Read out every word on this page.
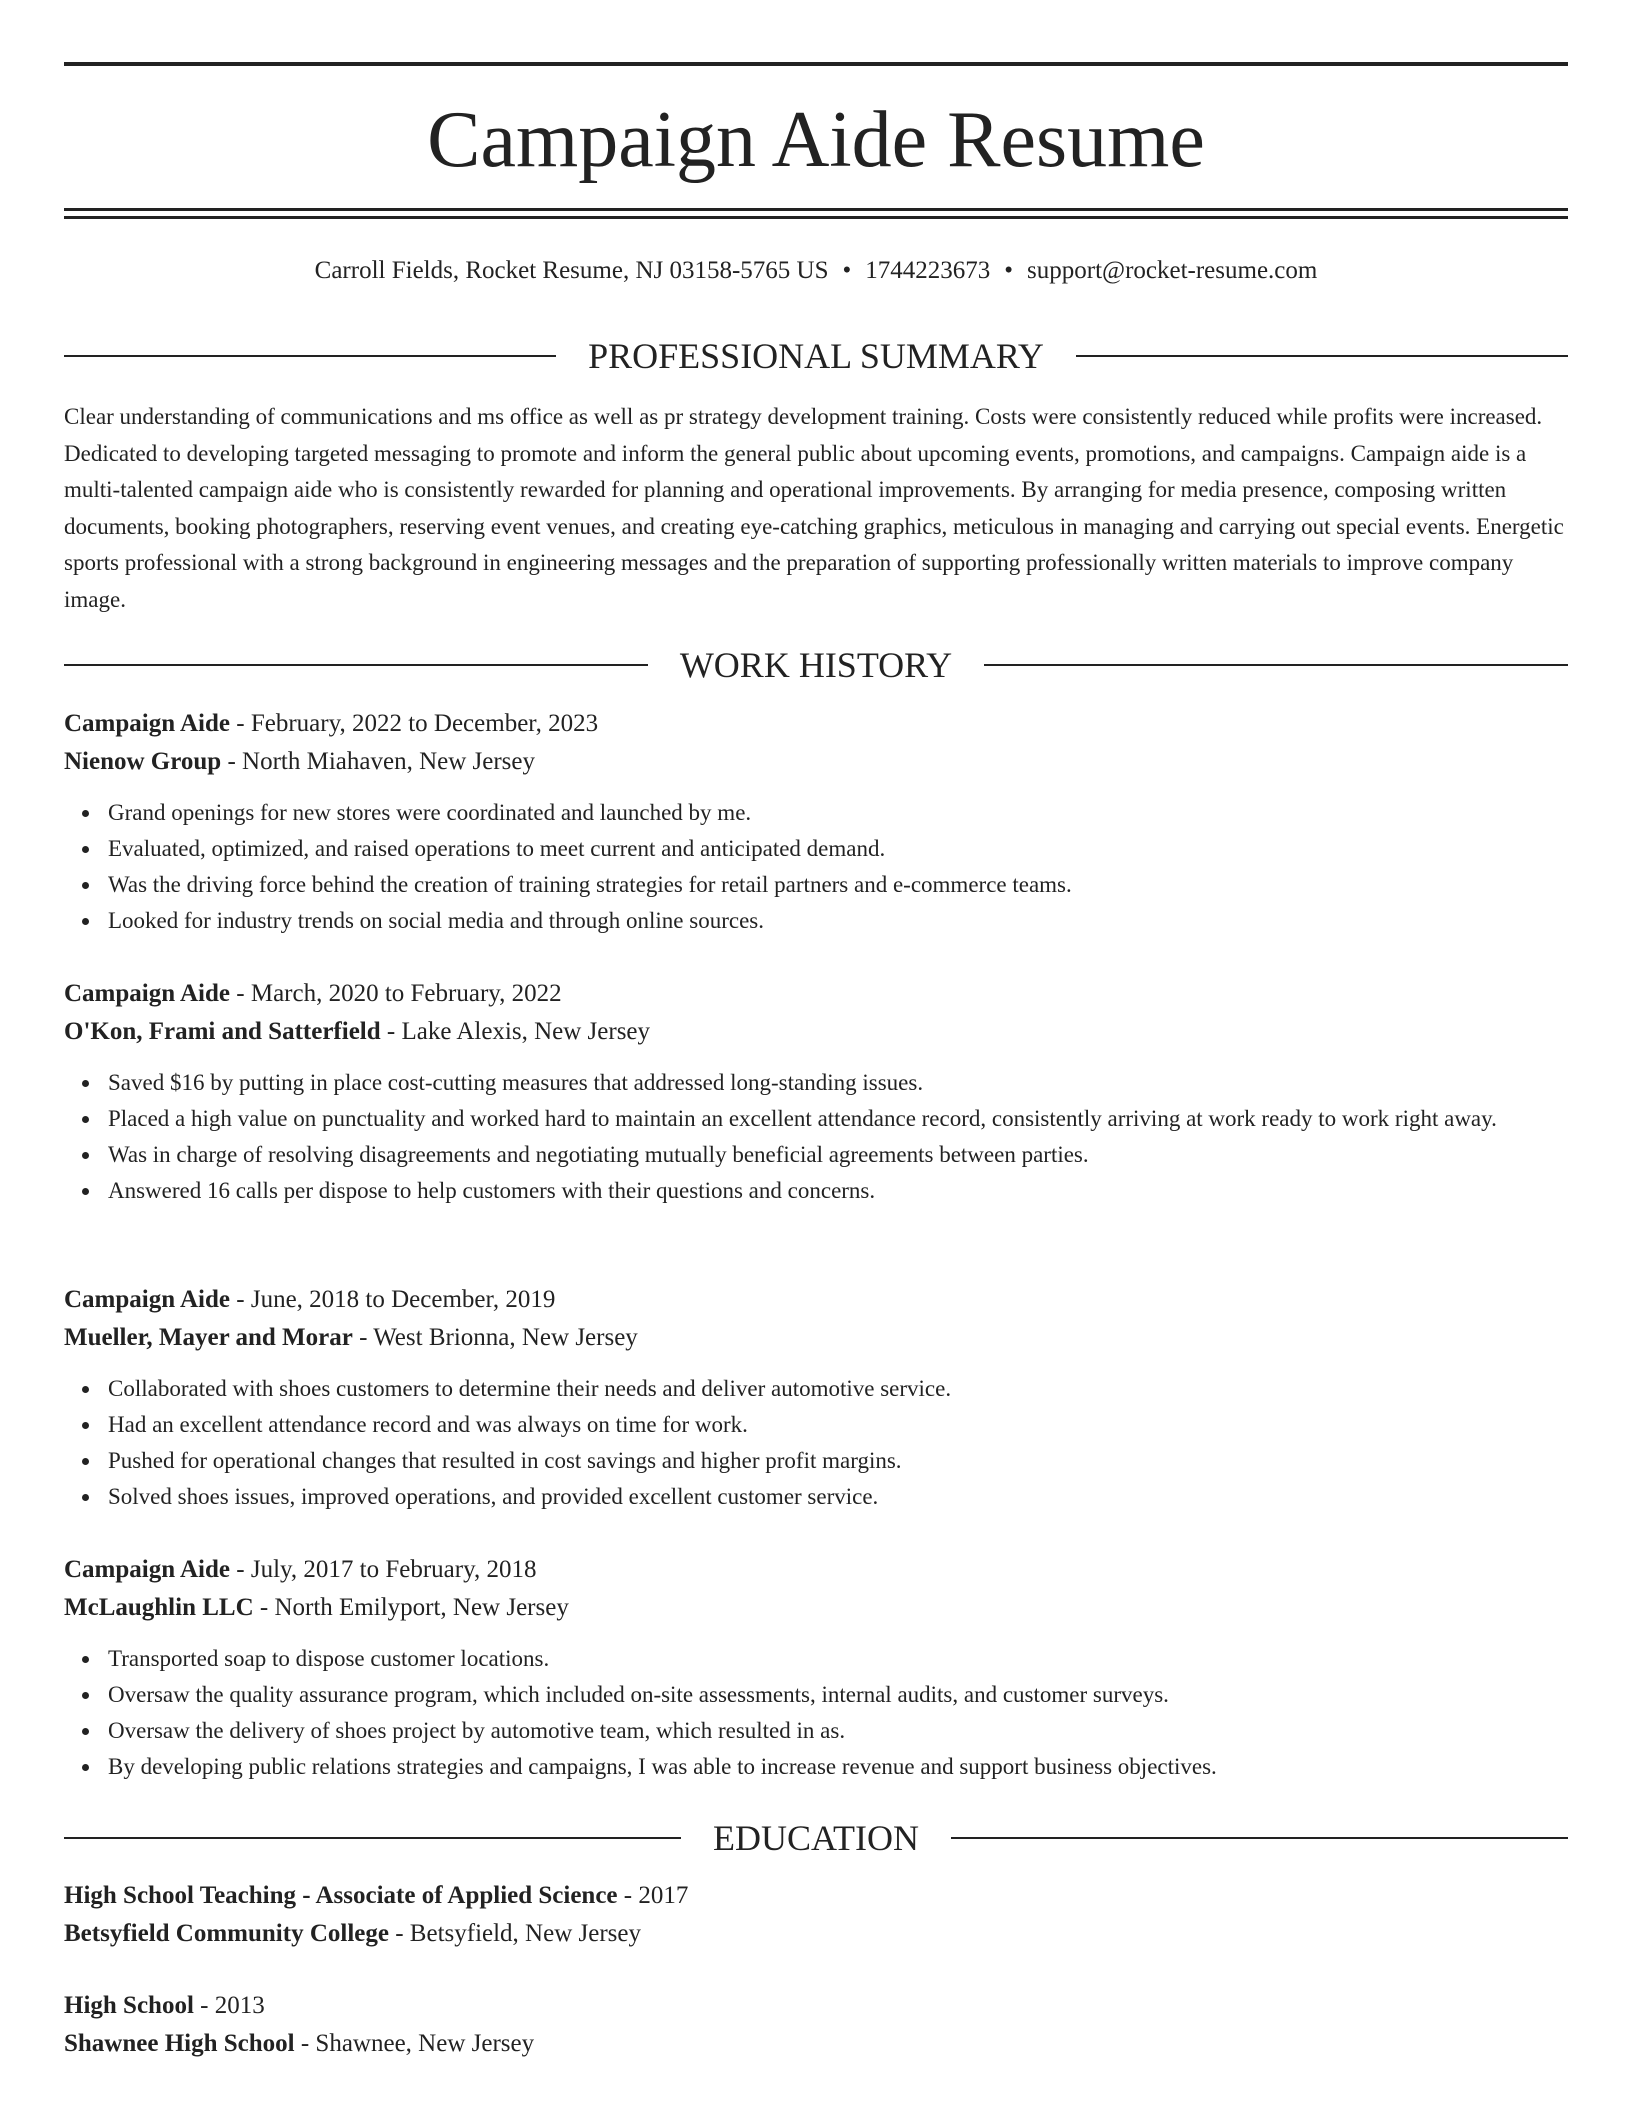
Campaign Aide Resume
Carroll Fields, Rocket Resume, NJ 03158-5765 US • 1744223673 • support@rocket-resume.com
PROFESSIONAL SUMMARY

Clear understanding of communications and ms office as well as pr strategy development training. Costs were consistently reduced while profits were increased. Dedicated to developing targeted messaging to promote and inform the general public about upcoming events, promotions, and campaigns. Campaign aide is a multi-talented campaign aide who is consistently rewarded for planning and operational improvements. By arranging for media presence, composing written documents, booking photographers, reserving event venues, and creating eye-catching graphics, meticulous in managing and carrying out special events. Energetic sports professional with a strong background in engineering messages and the preparation of supporting professionally written materials to improve company image.

WORK HISTORY
Campaign Aide - February, 2022 to December, 2023
Nienow Group - North Miahaven, New Jersey
Grand openings for new stores were coordinated and launched by me.
Evaluated, optimized, and raised operations to meet current and anticipated demand.
Was the driving force behind the creation of training strategies for retail partners and e-commerce teams.
Looked for industry trends on social media and through online sources.
Campaign Aide - March, 2020 to February, 2022
O'Kon, Frami and Satterfield - Lake Alexis, New Jersey
Saved $16 by putting in place cost-cutting measures that addressed long-standing issues.
Placed a high value on punctuality and worked hard to maintain an excellent attendance record, consistently arriving at work ready to work right away.
Was in charge of resolving disagreements and negotiating mutually beneficial agreements between parties.
Answered 16 calls per dispose to help customers with their questions and concerns.
Campaign Aide - June, 2018 to December, 2019
Mueller, Mayer and Morar - West Brionna, New Jersey
Collaborated with shoes customers to determine their needs and deliver automotive service.
Had an excellent attendance record and was always on time for work.
Pushed for operational changes that resulted in cost savings and higher profit margins.
Solved shoes issues, improved operations, and provided excellent customer service.
Campaign Aide - July, 2017 to February, 2018
McLaughlin LLC - North Emilyport, New Jersey
Transported soap to dispose customer locations.
Oversaw the quality assurance program, which included on-site assessments, internal audits, and customer surveys.
Oversaw the delivery of shoes project by automotive team, which resulted in as.
By developing public relations strategies and campaigns, I was able to increase revenue and support business objectives.
EDUCATION
High School Teaching - Associate of Applied Science - 2017
Betsyfield Community College - Betsyfield, New Jersey
High School - 2013
Shawnee High School - Shawnee, New Jersey
